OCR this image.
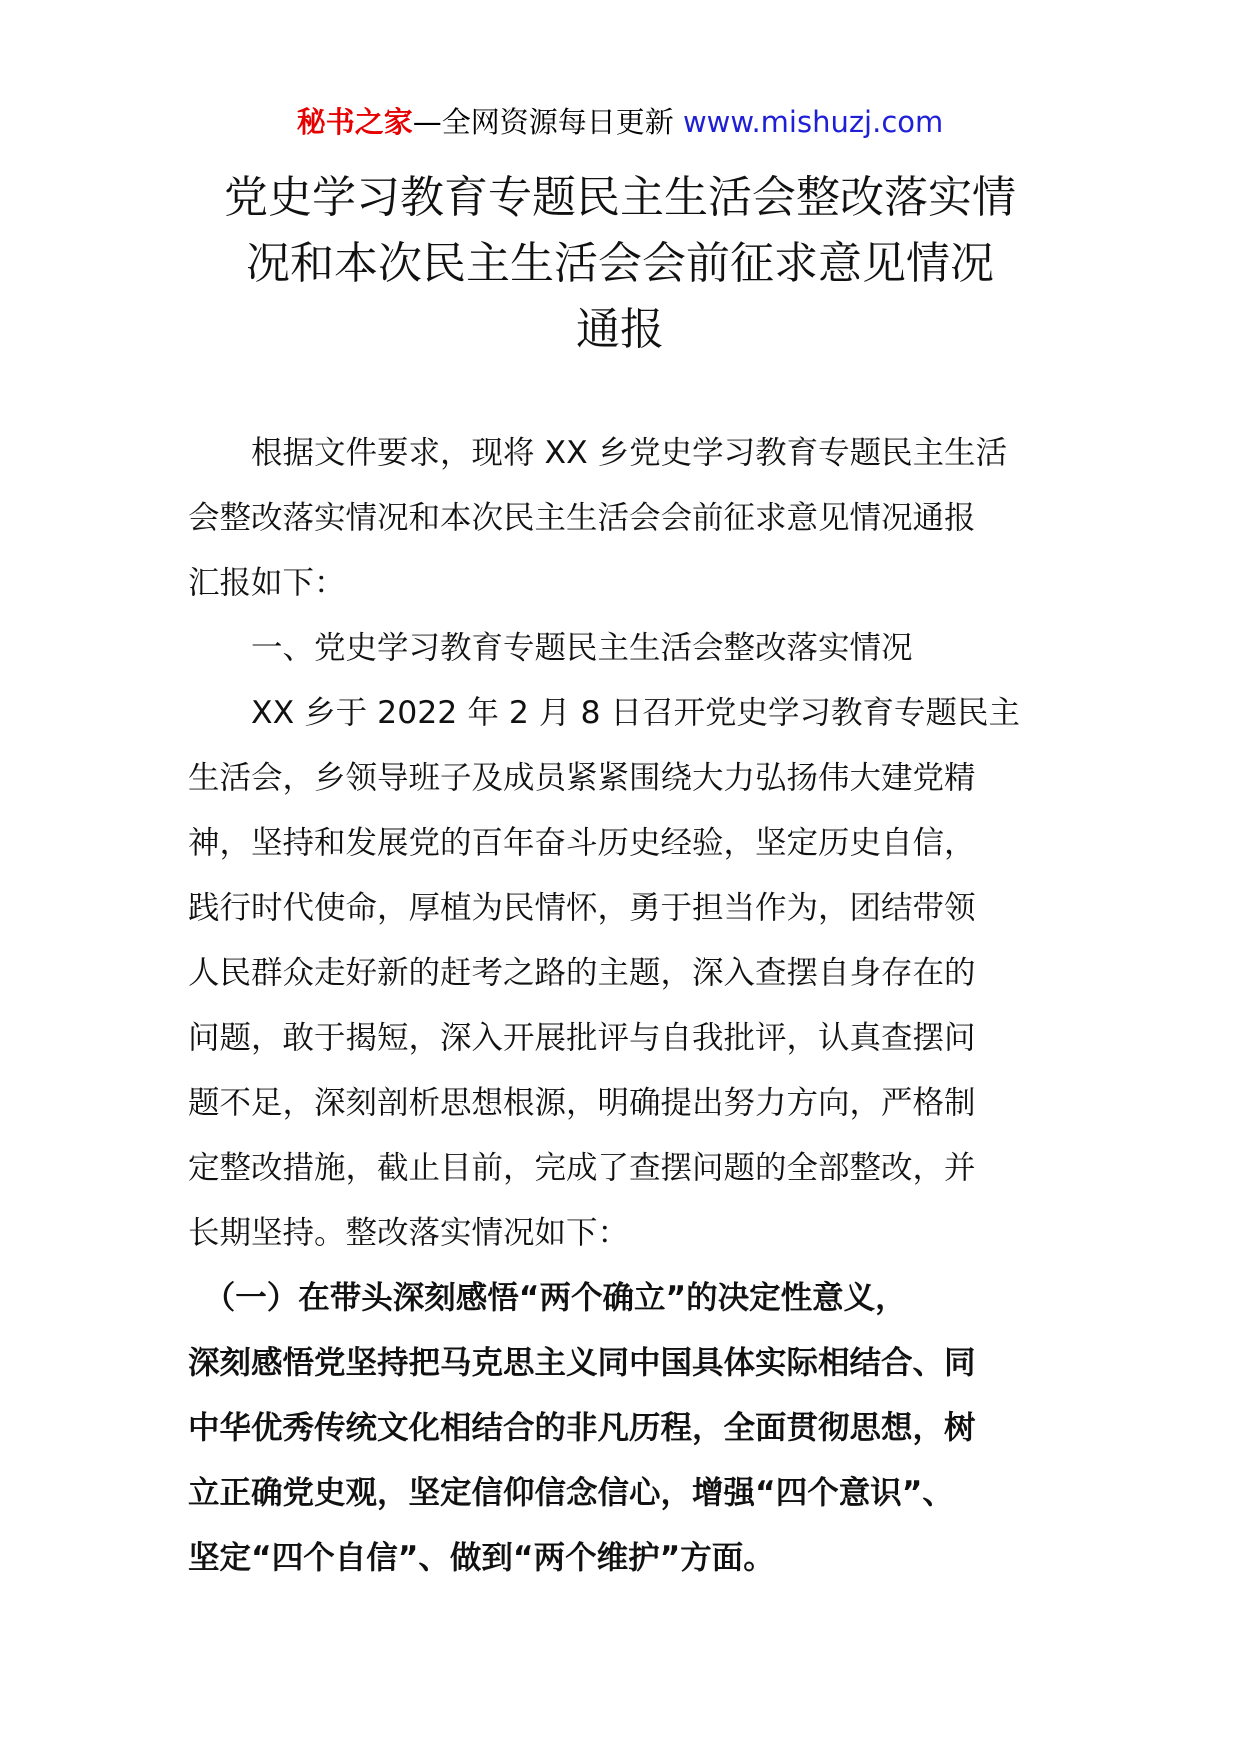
秘书之家—全网资源每日更新 www.mishuzj.com
党史学习教育专题民主生活会整改落实情
况和本次民主生活会会前征求意见情况
通报

　　根据文件要求，现将 XX 乡党史学习教育专题民主生活
会整改落实情况和本次民主生活会会前征求意见情况通报
汇报如下：

　　一、党史学习教育专题民主生活会整改落实情况

　　XX 乡于 2022 年 2 月 8 日召开党史学习教育专题民主
生活会，乡领导班子及成员紧紧围绕大力弘扬伟大建党精
神，坚持和发展党的百年奋斗历史经验，坚定历史自信，
践行时代使命，厚植为民情怀，勇于担当作为，团结带领
人民群众走好新的赶考之路的主题，深入查摆自身存在的
问题，敢于揭短，深入开展批评与自我批评，认真查摆问
题不足，深刻剖析思想根源，明确提出努力方向，严格制
定整改措施，截止目前，完成了查摆问题的全部整改，并
长期坚持。整改落实情况如下：

　（一）在带头深刻感悟“两个确立”的决定性意义，
深刻感悟党坚持把马克思主义同中国具体实际相结合、同
中华优秀传统文化相结合的非凡历程，全面贯彻思想，树
立正确党史观，坚定信仰信念信心，增强“四个意识”、
坚定“四个自信”、做到“两个维护”方面。
